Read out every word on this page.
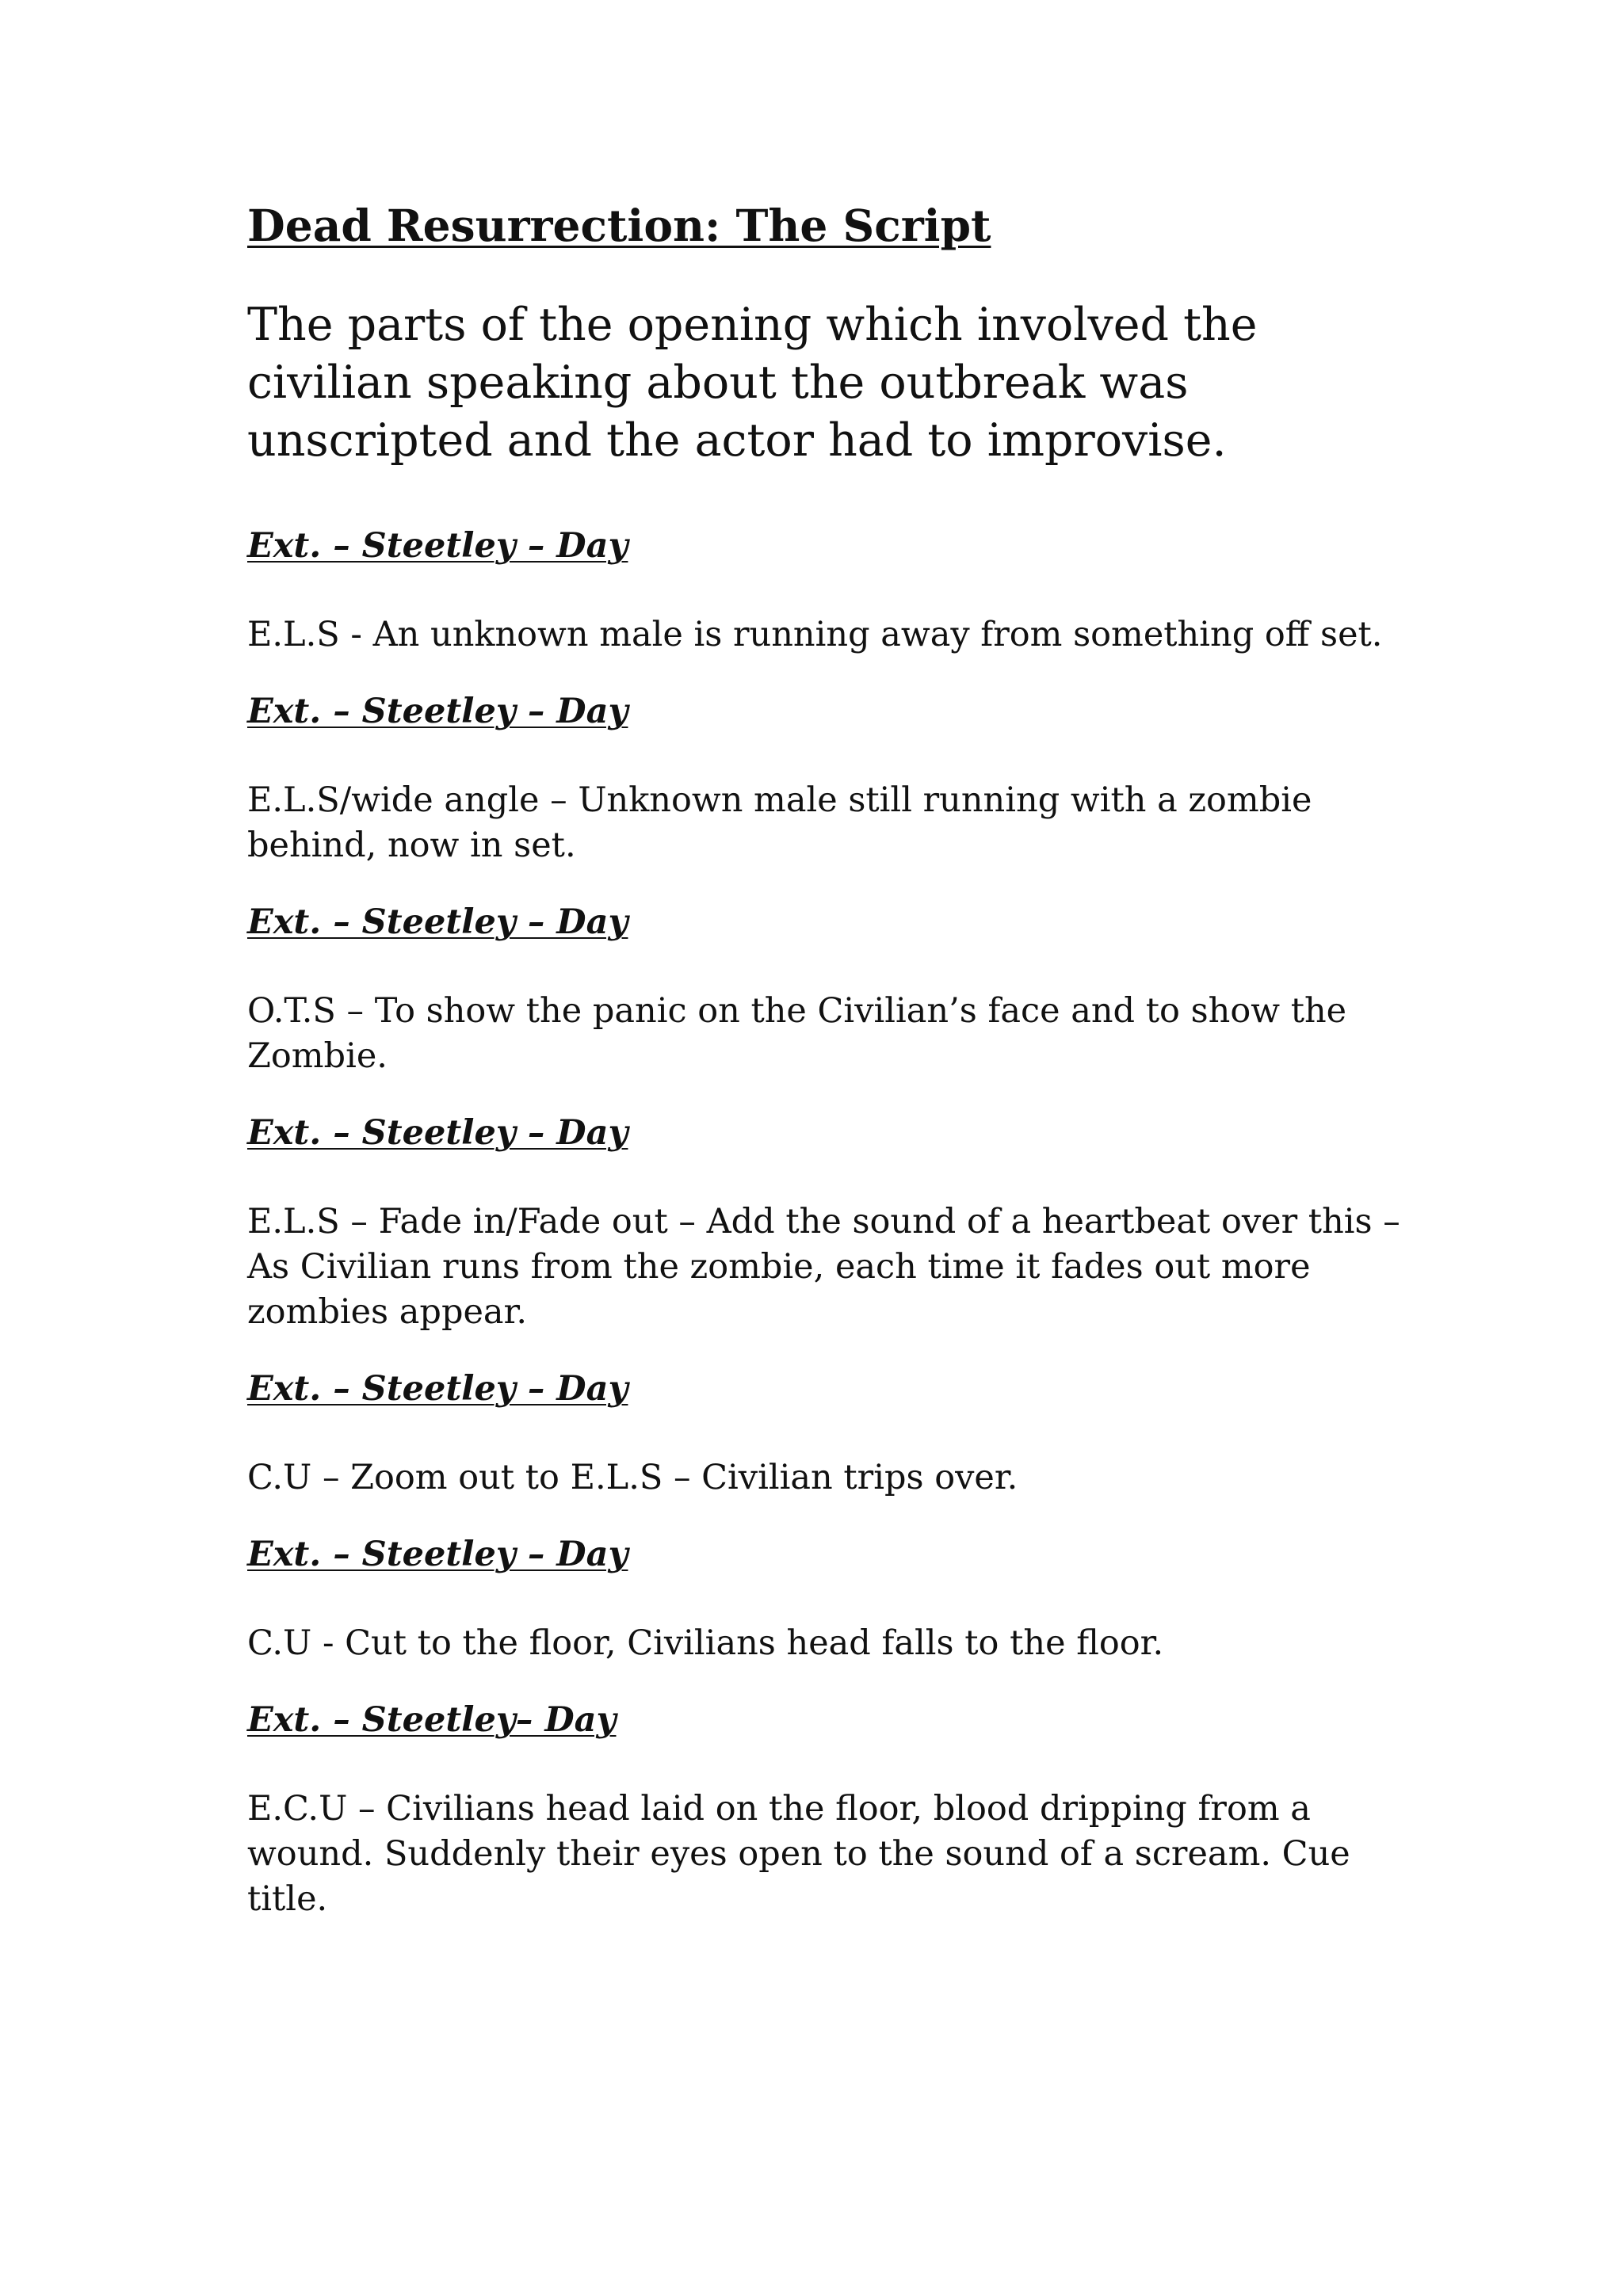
Dead Resurrection: The Script

The parts of the opening which involved the civilian speaking about the outbreak was unscripted and the actor had to improvise.

Ext. – Steetley – Day

E.L.S - An unknown male is running away from something off set.

Ext. – Steetley – Day

E.L.S/wide angle – Unknown male still running with a zombie behind, now in set.

Ext. – Steetley – Day

O.T.S – To show the panic on the Civilian’s face and to show the Zombie.

Ext. – Steetley – Day

E.L.S – Fade in/Fade out – Add the sound of a heartbeat over this – As Civilian runs from the zombie, each time it fades out more zombies appear.

Ext. – Steetley – Day

C.U – Zoom out to E.L.S – Civilian trips over.

Ext. – Steetley – Day

C.U - Cut to the floor, Civilians head falls to the floor.

Ext. – Steetley– Day

E.C.U – Civilians head laid on the floor, blood dripping from a wound. Suddenly their eyes open to the sound of a scream. Cue title.
